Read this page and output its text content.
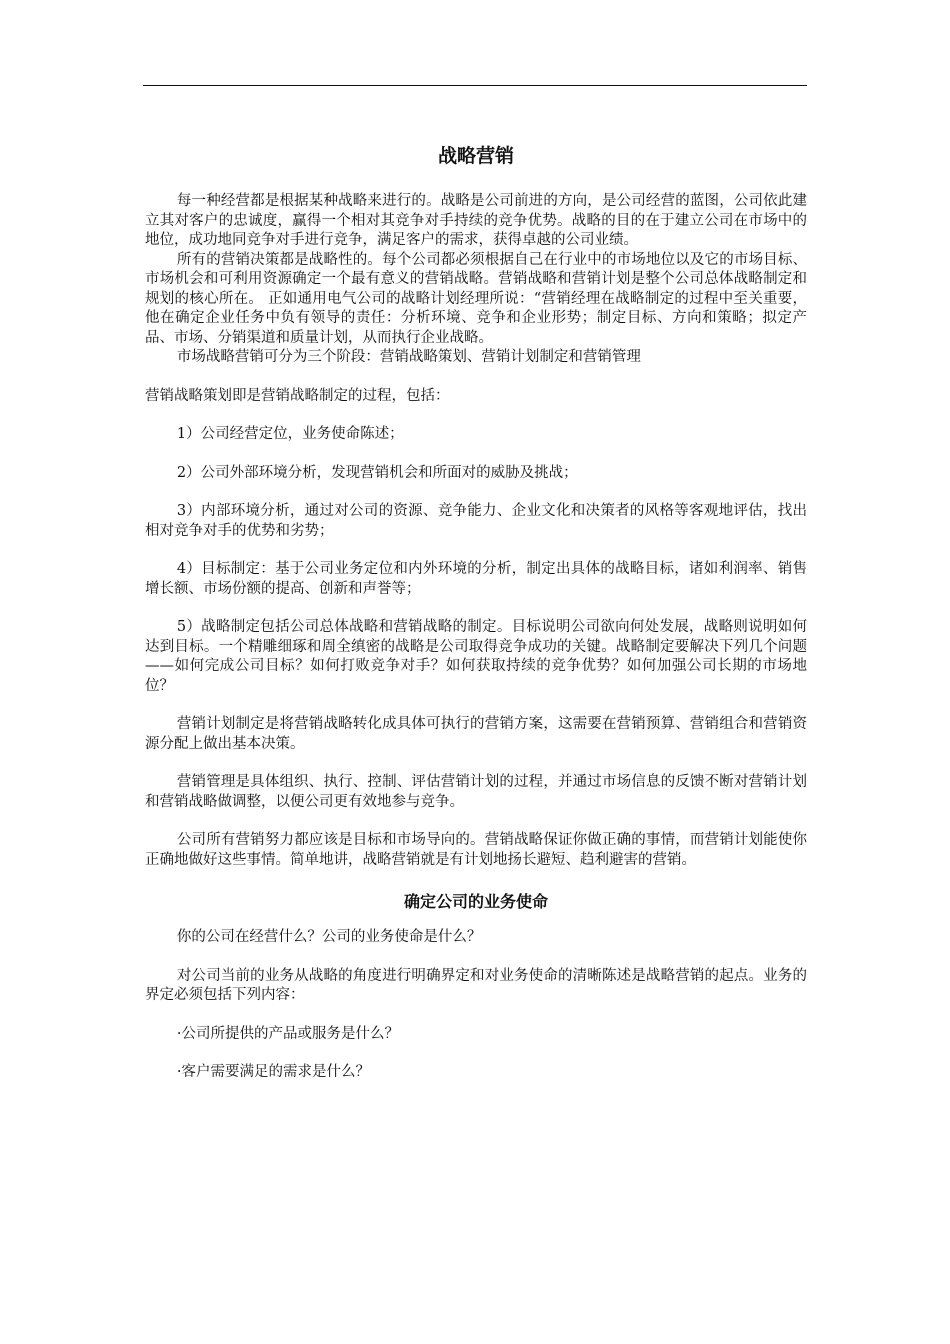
战略营销

每一种经营都是根据某种战略来进行的。战略是公司前进的方向，是公司经营的蓝图，公司依此建立其对客户的忠诚度，赢得一个相对其竞争对手持续的竞争优势。战略的目的在于建立公司在市场中的地位，成功地同竞争对手进行竞争，满足客户的需求，获得卓越的公司业绩。

所有的营销决策都是战略性的。每个公司都必须根据自己在行业中的市场地位以及它的市场目标、市场机会和可利用资源确定一个最有意义的营销战略。营销战略和营销计划是整个公司总体战略制定和规划的核心所在。 正如通用电气公司的战略计划经理所说：“营销经理在战略制定的过程中至关重要，他在确定企业任务中负有领导的责任：分析环境、竞争和企业形势；制定目标、方向和策略；拟定产品、市场、分销渠道和质量计划，从而执行企业战略。

市场战略营销可分为三个阶段：营销战略策划、营销计划制定和营销管理

营销战略策划即是营销战略制定的过程，包括：

1）公司经营定位，业务使命陈述；

2）公司外部环境分析，发现营销机会和所面对的威胁及挑战；

3）内部环境分析，通过对公司的资源、竞争能力、企业文化和决策者的风格等客观地评估，找出相对竞争对手的优势和劣势；

4）目标制定：基于公司业务定位和内外环境的分析，制定出具体的战略目标，诸如利润率、销售增长额、市场份额的提高、创新和声誉等；

5）战略制定包括公司总体战略和营销战略的制定。目标说明公司欲向何处发展，战略则说明如何达到目标。一个精雕细琢和周全缜密的战略是公司取得竞争成功的关键。战略制定要解决下列几个问题——如何完成公司目标？如何打败竞争对手？如何获取持续的竞争优势？如何加强公司长期的市场地位？

营销计划制定是将营销战略转化成具体可执行的营销方案，这需要在营销预算、营销组合和营销资源分配上做出基本决策。

营销管理是具体组织、执行、控制、评估营销计划的过程，并通过市场信息的反馈不断对营销计划和营销战略做调整，以便公司更有效地参与竞争。

公司所有营销努力都应该是目标和市场导向的。营销战略保证你做正确的事情，而营销计划能使你正确地做好这些事情。简单地讲，战略营销就是有计划地扬长避短、趋利避害的营销。

确定公司的业务使命

你的公司在经营什么？公司的业务使命是什么？

对公司当前的业务从战略的角度进行明确界定和对业务使命的清晰陈述是战略营销的起点。业务的界定必须包括下列内容：

·公司所提供的产品或服务是什么？

·客户需要满足的需求是什么？
